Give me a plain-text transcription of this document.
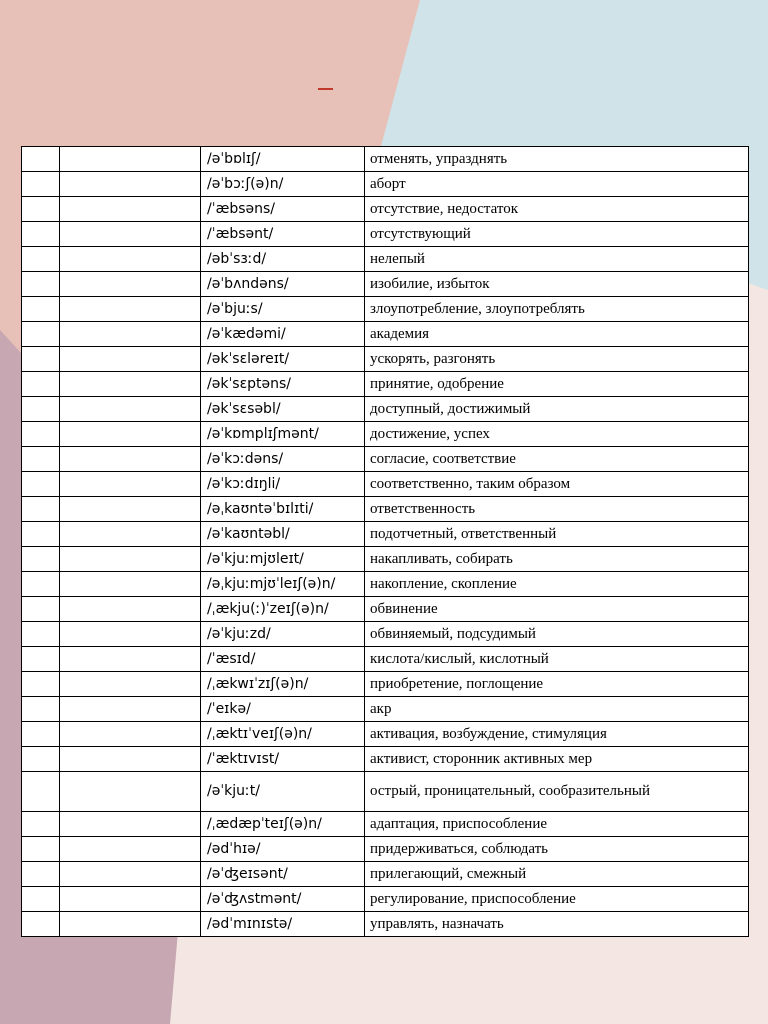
		/əˈbɒlɪʃ/	отменять, упразднять
		/əˈbɔːʃ(ə)n/	аборт
		/ˈæbsəns/	отсутствие, недостаток
		/ˈæbsənt/	отсутствующий
		/əbˈsɜːd/	нелепый
		/əˈbʌndəns/	изобилие, избыток
		/əˈbjuːs/	злоупотребление, злоупотреблять
		/əˈkædəmi/	академия
		/əkˈsɛləreɪt/	ускорять, разгонять
		/əkˈsɛptəns/	принятие, одобрение
		/əkˈsɛsəbl/	доступный, достижимый
		/əˈkɒmplɪʃmənt/	достижение, успех
		/əˈkɔːdəns/	согласие, соответствие
		/əˈkɔːdɪŋli/	соответственно, таким образом
		/əˌkaʊntəˈbɪlɪti/	ответственность
		/əˈkaʊntəbl/	подотчетный, ответственный
		/əˈkjuːmjʊleɪt/	накапливать, собирать
		/əˌkjuːmjʊˈleɪʃ(ə)n/	накопление, скопление
		/ˌækju(ː)ˈzeɪʃ(ə)n/	обвинение
		/əˈkjuːzd/	обвиняемый, подсудимый
		/ˈæsɪd/	кислота/кислый, кислотный
		/ˌækwɪˈzɪʃ(ə)n/	приобретение, поглощение
		/ˈeɪkə/	акр
		/ˌæktɪˈveɪʃ(ə)n/	активация, возбуждение, стимуляция
		/ˈæktɪvɪst/	активист, сторонник активных мер
		/əˈkjuːt/	острый, проницательный, сообразительный
		/ˌædæpˈteɪʃ(ə)n/	адаптация, приспособление
		/ədˈhɪə/	придерживаться, соблюдать
		/əˈʤeɪsənt/	прилегающий, смежный
		/əˈʤʌstmənt/	регулирование, приспособление
		/ədˈmɪnɪstə/	управлять, назначать
